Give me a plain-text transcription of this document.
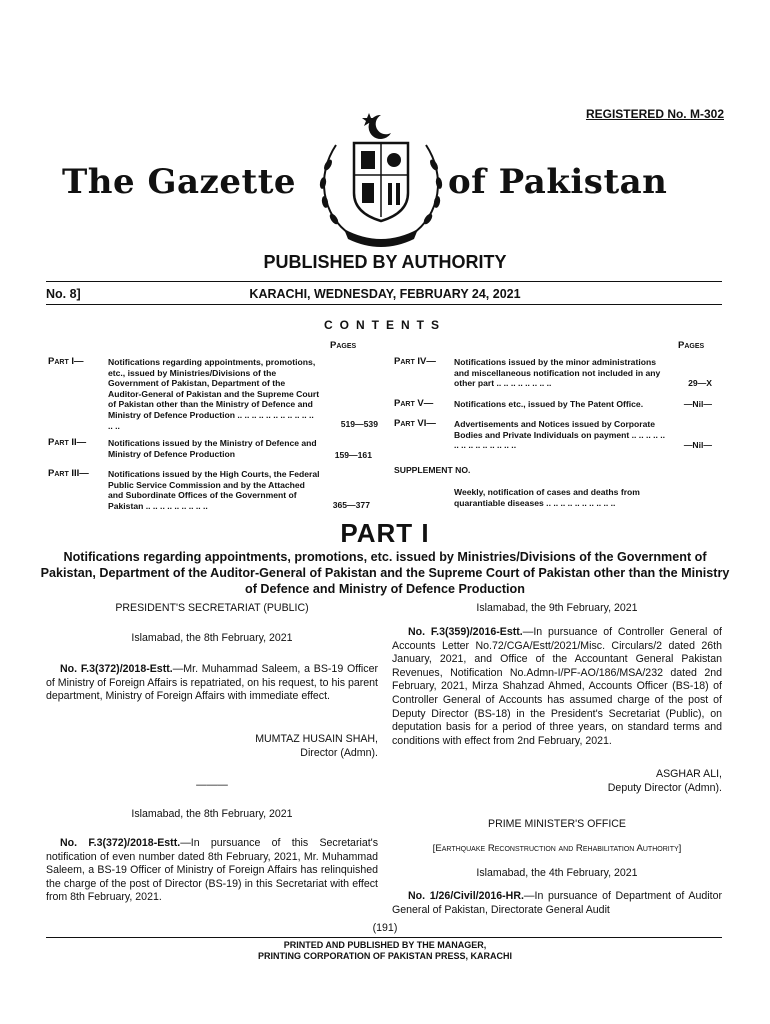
REGISTERED No. M-302
The Gazette	of Pakistan
PUBLISHED BY AUTHORITY
No. 8]	KARACHI, WEDNESDAY, FEBRUARY 24, 2021
CONTENTS
Pages	Pages
Part I—	Notifications regarding appointments, promotions, etc., issued by Ministries/Divisions of the Government of Pakistan, Department of the Auditor-General of Pakistan and the Supreme Court of Pakistan other than the Ministry of Defence and Ministry of Defence Production .. .. .. .. .. .. .. .. .. .. .. .. ..	519—539
Part II—	Notifications issued by the Ministry of Defence and Ministry of Defence Production	159—161
Part III— Notifications issued by the High Courts, the Federal Public Service Commission and by the Attached and Subordinate Offices of the Government of Pakistan .. .. .. .. .. .. .. .. ..	365—377
Part IV— Notifications issued by the minor administrations and miscellaneous notification not included in any other part .. .. .. .. .. .. .. ..	29—X
Part V— Notifications etc., issued by The Patent Office.	—Nil—
Part VI— Advertisements and Notices issued by Corporate Bodies and Private Individuals on payment .. .. .. .. .. .. .. .. .. .. .. .. .. ..	—Nil—
SUPPLEMENT NO.
Weekly, notification of cases and deaths from quarantiable diseases .. .. .. .. .. .. .. .. .. ..
PART I
Notifications regarding appointments, promotions, etc. issued by Ministries/Divisions of the Government of Pakistan, Department of the Auditor-General of Pakistan and the Supreme Court of Pakistan other than the Ministry of Defence and Ministry of Defence Production
PRESIDENT'S SECRETARIAT (PUBLIC)
Islamabad, the 8th February, 2021
No. F.3(372)/2018-Estt.—Mr. Muhammad Saleem, a BS-19 Officer of Ministry of Foreign Affairs is repatriated, on his request, to his parent department, Ministry of Foreign Affairs with immediate effect.
MUMTAZ HUSAIN SHAH,
Director (Admn).
———
Islamabad, the 8th February, 2021
No. F.3(372)/2018-Estt.—In pursuance of this Secretariat's notification of even number dated 8th February, 2021, Mr. Muhammad Saleem, a BS-19 Officer of Ministry of Foreign Affairs has relinquished the charge of the post of Director (BS-19) in this Secretariat with effect from 8th February, 2021.
Islamabad, the 9th February, 2021
No. F.3(359)/2016-Estt.—In pursuance of Controller General of Accounts Letter No.72/CGA/Estt/2021/Misc. Circulars/2 dated 26th January, 2021, and Office of the Accountant General Pakistan Revenues, Notification No.Admn-I/PF-AO/186/MSA/232 dated 2nd February, 2021, Mirza Shahzad Ahmed, Accounts Officer (BS-18) of Controller General of Accounts has assumed charge of the post of Deputy Director (BS-18) in the President's Secretariat (Public), on deputation basis for a period of three years, on standard terms and conditions with effect from 2nd February, 2021.
ASGHAR ALI,
Deputy Director (Admn).
PRIME MINISTER'S OFFICE
[Earthquake Reconstruction and Rehabilitation Authority]
Islamabad, the 4th February, 2021
No. 1/26/Civil/2016-HR.—In pursuance of Department of Auditor General of Pakistan, Directorate General Audit
(191)
PRINTED AND PUBLISHED BY THE MANAGER,
PRINTING CORPORATION OF PAKISTAN PRESS, KARACHI
